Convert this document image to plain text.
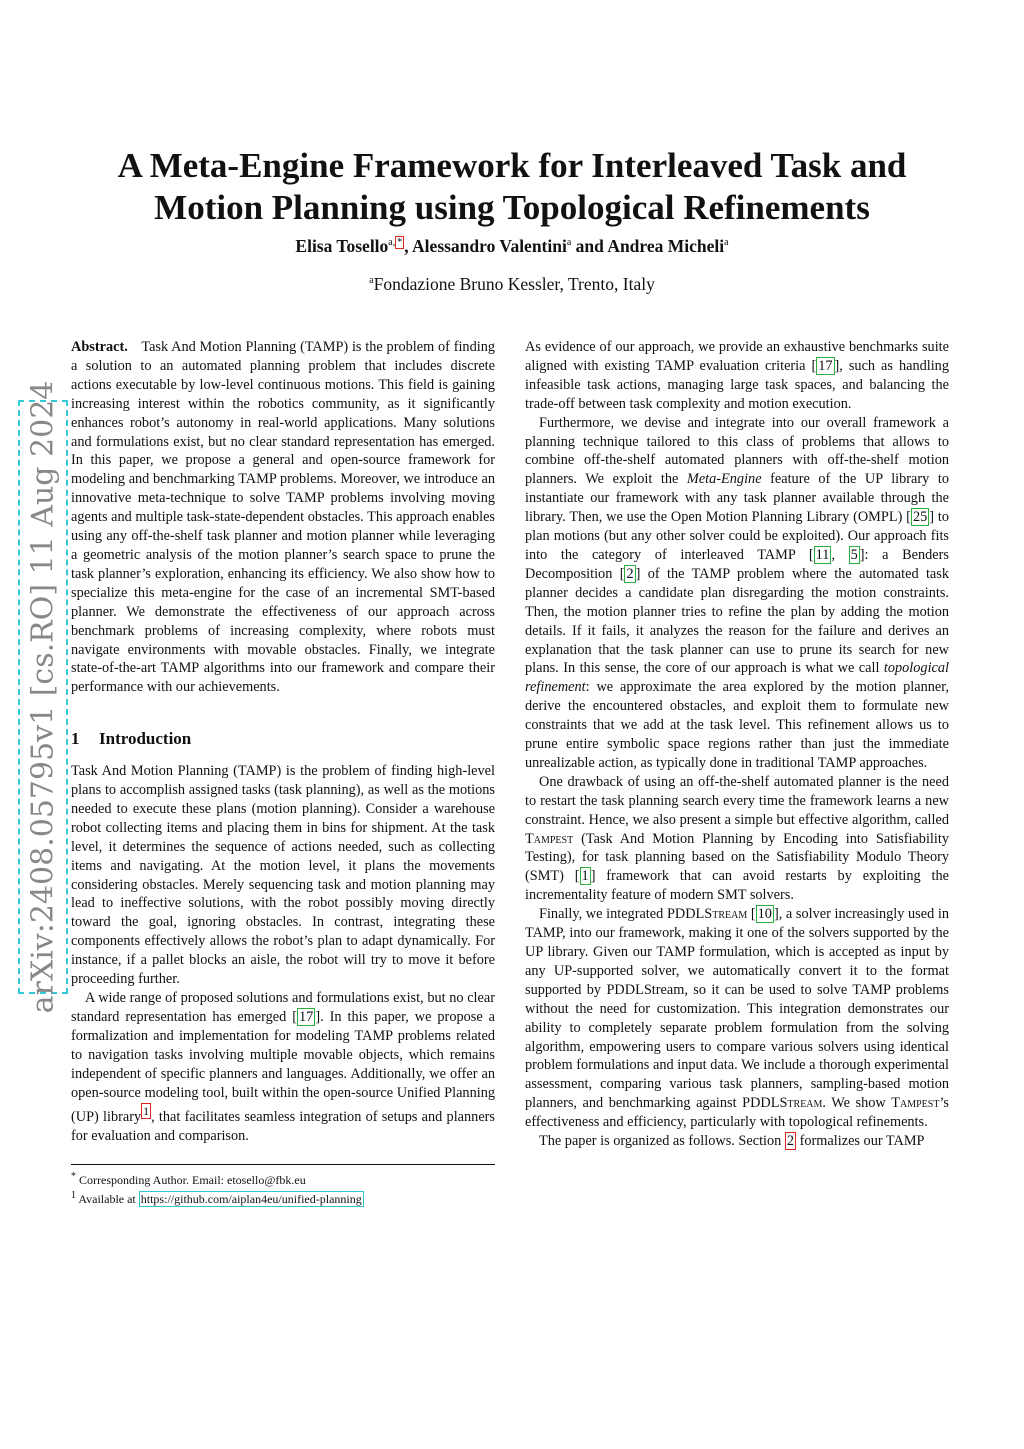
arXiv:2408.05795v1 [cs.RO] 11 Aug 2024
A Meta-Engine Framework for Interleaved Task and
Motion Planning using Topological Refinements
Elisa Tosello$^{a,}$ * , Alessandro Valentini$^a$ and Andrea Micheli$^a$
$^a$Fondazione Bruno Kessler, Trento, Italy

Abstract. Task And Motion Planning (TAMP) is the problem of finding a solution to an automated planning problem that includes discrete actions executable by low-level continuous motions. This field is gaining increasing interest within the robotics community, as it significantly enhances robot’s autonomy in real-world applications. Many solutions and formulations exist, but no clear standard representation has emerged. In this paper, we propose a general and open-source framework for modeling and benchmarking TAMP problems. Moreover, we introduce an innovative meta-technique to solve TAMP problems involving moving agents and multiple task-state-dependent obstacles. This approach enables using any off-the-shelf task planner and motion planner while leveraging a geometric analysis of the motion planner’s search space to prune the task planner’s exploration, enhancing its efficiency. We also show how to specialize this meta-engine for the case of an incremental SMT-based planner. We demonstrate the effectiveness of our approach across benchmark problems of increasing complexity, where robots must navigate environments with movable obstacles. Finally, we integrate state-of-the-art TAMP algorithms into our framework and compare their performance with our achievements.

1 Introduction

Task And Motion Planning (TAMP) is the problem of finding high-level plans to accomplish assigned tasks (task planning), as well as the motions needed to execute these plans (motion planning). Consider a warehouse robot collecting items and placing them in bins for shipment. At the task level, it determines the sequence of actions needed, such as collecting items and navigating. At the motion level, it plans the movements considering obstacles. Merely sequencing task and motion planning may lead to ineffective solutions, with the robot possibly moving directly toward the goal, ignoring obstacles. In contrast, integrating these components effectively allows the robot’s plan to adapt dynamically. For instance, if a pallet blocks an aisle, the robot will try to move it before proceeding further.

A wide range of proposed solutions and formulations exist, but no clear standard representation has emerged [ 17 ]. In this paper, we propose a formalization and implementation for modeling TAMP problems related to navigation tasks involving multiple movable objects, which remains independent of specific planners and languages. Additionally, we offer an open-source modeling tool, built within the open-source Unified Planning (UP) library $^1$ , that facilitates seamless integration of setups and planners for evaluation and comparison.

* Corresponding Author. Email: etosello@fbk.eu
$^1$ Available at https://github.com/aiplan4eu/unified-planning

As evidence of our approach, we provide an exhaustive benchmarks suite aligned with existing TAMP evaluation criteria [ 17 ], such as handling infeasible task actions, managing large task spaces, and balancing the trade-off between task complexity and motion execution.

Furthermore, we devise and integrate into our overall framework a planning technique tailored to this class of problems that allows to combine off-the-shelf automated planners with off-the-shelf motion planners. We exploit the Meta-Engine feature of the UP library to instantiate our framework with any task planner available through the library. Then, we use the Open Motion Planning Library (OMPL) [ 25 ] to plan motions (but any other solver could be exploited). Our approach fits into the category of interleaved TAMP [ 11 , 5 ]: a Benders Decomposition [ 2 ] of the TAMP problem where the automated task planner decides a candidate plan disregarding the motion constraints. Then, the motion planner tries to refine the plan by adding the motion details. If it fails, it analyzes the reason for the failure and derives an explanation that the task planner can use to prune its search for new plans. In this sense, the core of our approach is what we call topological refinement: we approximate the area explored by the motion planner, derive the encountered obstacles, and exploit them to formulate new constraints that we add at the task level. This refinement allows us to prune entire symbolic space regions rather than just the immediate unrealizable action, as typically done in traditional TAMP approaches.

One drawback of using an off-the-shelf automated planner is the need to restart the task planning search every time the framework learns a new constraint. Hence, we also present a simple but effective algorithm, called Tampest (Task And Motion Planning by Encoding into Satisfiability Testing), for task planning based on the Satisfiability Modulo Theory (SMT) [ 1 ] framework that can avoid restarts by exploiting the incrementality feature of modern SMT solvers.

Finally, we integrated PDDLStream [ 10 ], a solver increasingly used in TAMP, into our framework, making it one of the solvers supported by the UP library. Given our TAMP formulation, which is accepted as input by any UP-supported solver, we automatically convert it to the format supported by PDDLStream, so it can be used to solve TAMP problems without the need for customization. This integration demonstrates our ability to completely separate problem formulation from the solving algorithm, empowering users to compare various solvers using identical problem formulations and input data. We include a thorough experimental assessment, comparing various task planners, sampling-based motion planners, and benchmarking against PDDLStream. We show Tampest’s effectiveness and efficiency, particularly with topological refinements.

The paper is organized as follows. Section 2 formalizes our TAMP
